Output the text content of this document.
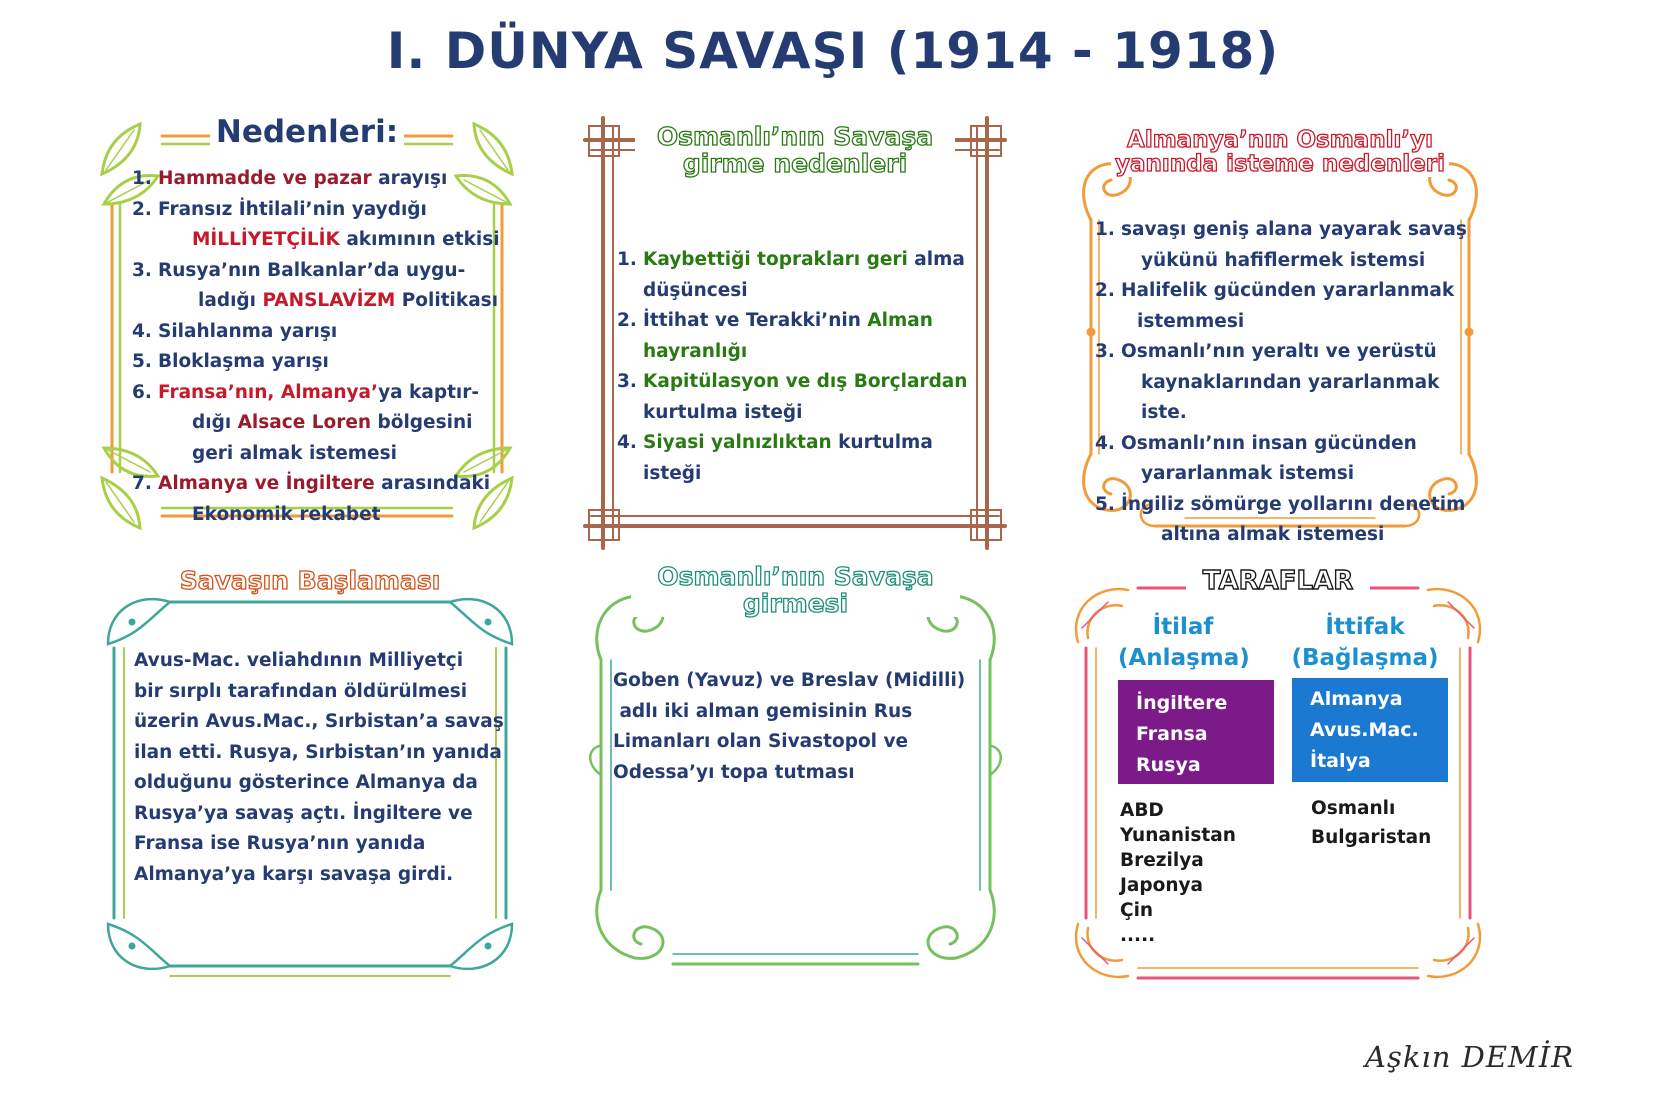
I. DÜNYA SAVAŞI (1914 - 1918)
Nedenleri:
1. Hammadde ve pazar arayışı
2. Fransız İhtilali’nin yaydığı
MİLLİYETÇİLİK akımının etkisi
3. Rusya’nın Balkanlar’da uygu-
ladığı PANSLAVİZM Politikası
4. Silahlanma yarışı
5. Bloklaşma yarışı
6. Fransa’nın, Almanya’ya kaptır-
dığı Alsace Loren bölgesini
geri almak istemesi
7. Almanya ve İngiltere arasındaki
Ekonomik rekabet
Osmanlı’nın Savaşa
girme nedenleri
1. Kaybettiği toprakları geri alma
düşüncesi
2. İttihat ve Terakki’nin Alman
hayranlığı
3. Kapitülasyon ve dış Borçlardan
kurtulma isteği
4. Siyasi yalnızlıktan kurtulma
isteği
Almanya’nın Osmanlı’yı
yanında isteme nedenleri
1. savaşı geniş alana yayarak savaş
yükünü hafiflermek istemsi
2. Halifelik gücünden yararlanmak
istemmesi
3. Osmanlı’nın yeraltı ve yerüstü
kaynaklarından yararlanmak iste.
4. Osmanlı’nın insan gücünden
yararlanmak istemsi
5. İngiliz sömürge yollarını denetim
altına almak istemesi
Savaşın Başlaması
Avus-Mac. veliahdının Milliyetçi
bir sırplı tarafından öldürülmesi
üzerin Avus.Mac., Sırbistan’a savaş
ilan etti. Rusya, Sırbistan’ın yanıda
olduğunu gösterince Almanya da
Rusya’ya savaş açtı. İngiltere ve
Fransa ise Rusya’nın yanıda
Almanya’ya karşı savaşa girdi.
Osmanlı’nın Savaşa
girmesi
Goben (Yavuz) ve Breslav (Midilli)
adlı iki alman gemisinin Rus
Limanları olan Sivastopol ve
Odessa’yı topa tutması
TARAFLAR
İtilaf
(Anlaşma)
İttifak
(Bağlaşma)
İngiltere
Fransa
Rusya
Almanya
Avus.Mac.
İtalya
ABD
Yunanistan
Brezilya
Japonya
Çin
.....
Osmanlı
Bulgaristan

Aşkın DEMİR
